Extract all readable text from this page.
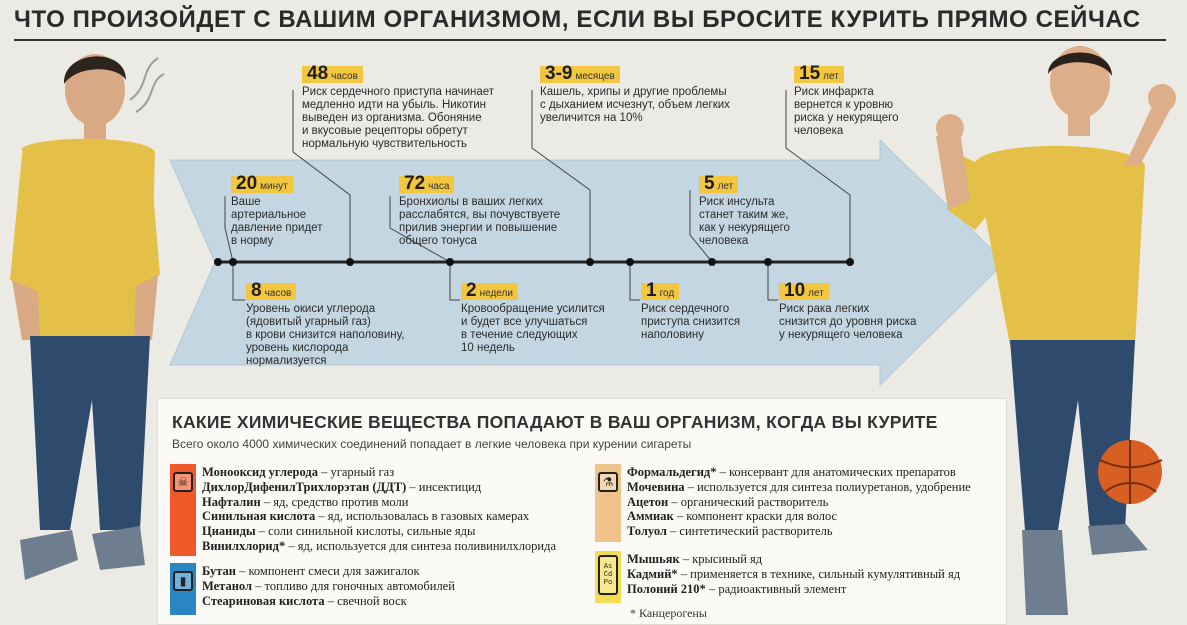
ЧТО ПРОИЗОЙДЕТ С ВАШИМ ОРГАНИЗМОМ, ЕСЛИ ВЫ БРОСИТЕ КУРИТЬ ПРЯМО СЕЙЧАС
20 минут
Ваше
артериальное
давление придет
в норму
48 часов
Риск сердечного приступа начинает
медленно идти на убыль. Никотин
выведен из организма. Обоняние
и вкусовые рецепторы обретут
нормальную чувствительность
72 часа
Бронхиолы в ваших легких
расслабятся, вы почувствуете
прилив энергии и повышение
общего тонуса
3-9 месяцев
Кашель, хрипы и другие проблемы
с дыханием исчезнут, объем легких
увеличится на 10%
5 лет
Риск инсульта
станет таким же,
как у некурящего
человека
15 лет
Риск инфаркта
вернется к уровню
риска у некурящего
человека
8 часов
Уровень окиси углерода
(ядовитый угарный газ)
в крови снизится наполовину,
уровень кислорода
нормализуется
2 недели
Кровообращение усилится
и будет все улучшаться
в течение следующих
10 недель
1 год
Риск сердечного
приступа снизится
наполовину
10 лет
Риск рака легких
снизится до уровня риска
у некурящего человека
КАКИЕ ХИМИЧЕСКИЕ ВЕЩЕСТВА ПОПАДАЮТ В ВАШ ОРГАНИЗМ, КОГДА ВЫ КУРИТЕ
Всего около 4000 химических соединений попадает в легкие человека при курении сигареты
☠
Монооксид углерода – угарный газ
ДихлорДифенилТрихлорэтан (ДДТ) – инсектицид
Нафталин – яд, средство против моли
Синильная кислота – яд, использовалась в газовых камерах
Цианиды – соли синильной кислоты, сильные яды
Винилхлорид* – яд, используется для синтеза поливинилхлорида
▮
Бутан – компонент смеси для зажигалок
Метанол – топливо для гоночных автомобилей
Стеариновая кислота – свечной воск
⚗
Формальдегид* – консервант для анатомических препаратов
Мочевина – используется для синтеза полиуретанов, удобрение
Ацетон – органический растворитель
Аммиак – компонент краски для волос
Толуол – синтетический растворитель
As
Cd
Po
Мышьяк – крысиный яд
Кадмий* – применяется в технике, сильный кумулятивный яд
Полоний 210* – радиоактивный элемент
* Канцерогены
